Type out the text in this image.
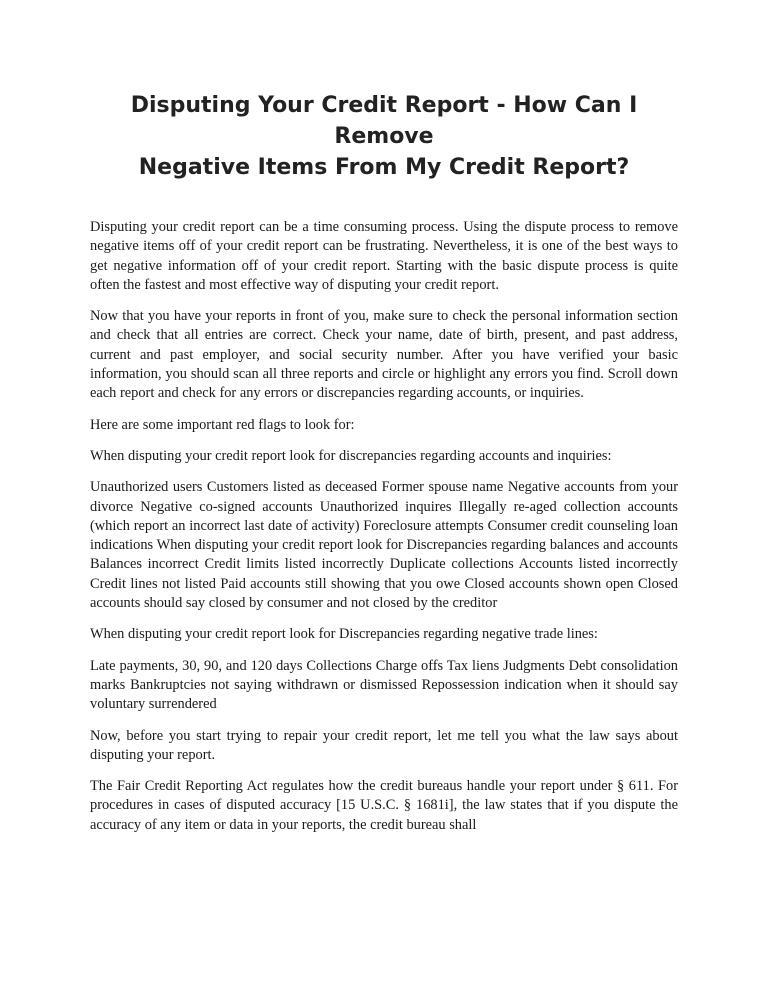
Disputing Your Credit Report - How Can I Remove
Negative Items From My Credit Report?

Disputing your credit report can be a time consuming process. Using the dispute process to remove negative items off of your credit report can be frustrating. Nevertheless, it is one of the best ways to get negative information off of your credit report. Starting with the basic dispute process is quite often the fastest and most effective way of disputing your credit report.

Now that you have your reports in front of you, make sure to check the personal information section and check that all entries are correct. Check your name, date of birth, present, and past address, current and past employer, and social security number. After you have verified your basic information, you should scan all three reports and circle or highlight any errors you find. Scroll down each report and check for any errors or discrepancies regarding accounts, or inquiries.

Here are some important red flags to look for:

When disputing your credit report look for discrepancies regarding accounts and inquiries:

Unauthorized users Customers listed as deceased Former spouse name Negative accounts from your divorce Negative co-signed accounts Unauthorized inquires Illegally re-aged collection accounts (which report an incorrect last date of activity) Foreclosure attempts Consumer credit counseling loan indications When disputing your credit report look for Discrepancies regarding balances and accounts Balances incorrect Credit limits listed incorrectly Duplicate collections Accounts listed incorrectly Credit lines not listed Paid accounts still showing that you owe Closed accounts shown open Closed accounts should say closed by consumer and not closed by the creditor

When disputing your credit report look for Discrepancies regarding negative trade lines:

Late payments, 30, 90, and 120 days Collections Charge offs Tax liens Judgments Debt consolidation marks Bankruptcies not saying withdrawn or dismissed Repossession indication when it should say voluntary surrendered

Now, before you start trying to repair your credit report, let me tell you what the law says about disputing your report.

The Fair Credit Reporting Act regulates how the credit bureaus handle your report under § 611. For procedures in cases of disputed accuracy [15 U.S.C. § 1681i], the law states that if you dispute the accuracy of any item or data in your reports, the credit bureau shall
